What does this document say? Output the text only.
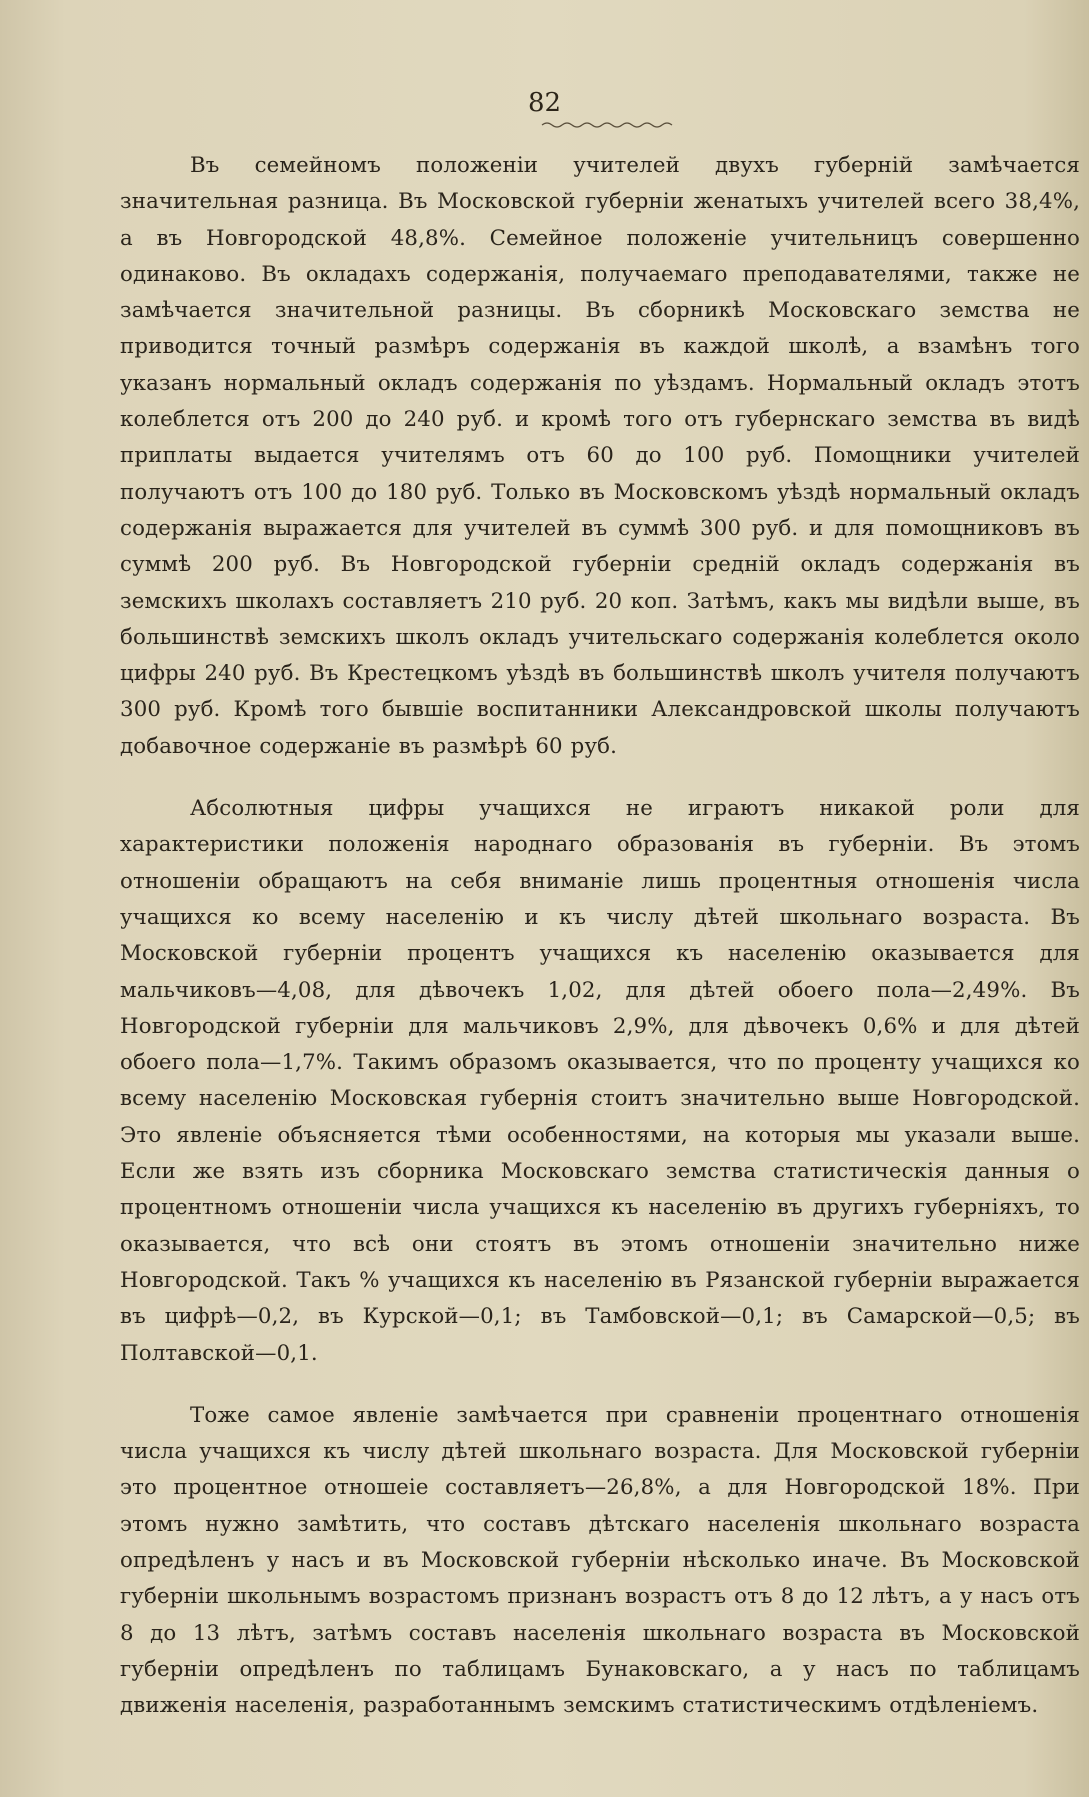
82

Въ семейномъ положеніи учителей двухъ губерній замѣчается значительная разница. Въ Московской губерніи женатыхъ учителей всего 38,4%, а въ Новгородской 48,8%. Семейное положеніе учительницъ совершенно одинаково. Въ окладахъ содержанія, получаемаго преподавателями, также не замѣчается значительной разницы. Въ сборникѣ Московскаго земства не приводится точный размѣръ содержанія въ каждой школѣ, а взамѣнъ того указанъ нормальный окладъ содержанія по уѣздамъ. Нормальный окладъ этотъ колеблется отъ 200 до 240 руб. и кромѣ того отъ губернскаго земства въ видѣ приплаты выдается учителямъ отъ 60 до 100 руб. Помощники учителей получаютъ отъ 100 до 180 руб. Только въ Московскомъ уѣздѣ нормальный окладъ содержанія выражается для учителей въ суммѣ 300 руб. и для помощниковъ въ суммѣ 200 руб. Въ Новгородской губерніи средній окладъ содержанія въ земскихъ школахъ составляетъ 210 руб. 20 коп. Затѣмъ, какъ мы видѣли выше, въ большинствѣ земскихъ школъ окладъ учительскаго содержанія колеблется около цифры 240 руб. Въ Крестецкомъ уѣздѣ въ большинствѣ школъ учителя получаютъ 300 руб. Кромѣ того бывшіе воспитанники Александровской школы получаютъ добавочное содержаніе въ размѣрѣ 60 руб.

Абсолютныя цифры учащихся не играютъ никакой роли для характеристики положенія народнаго образованія въ губерніи. Въ этомъ отношеніи обращаютъ на себя вниманіе лишь процентныя отношенія числа учащихся ко всему населенію и къ числу дѣтей школьнаго возраста. Въ Московской губерніи процентъ учащихся къ населенію оказывается для мальчиковъ—4,08, для дѣвочекъ 1,02, для дѣтей обоего пола—2,49%. Въ Новгородской губерніи для мальчиковъ 2,9%, для дѣвочекъ 0,6% и для дѣтей обоего пола—1,7%. Такимъ образомъ оказывается, что по проценту учащихся ко всему населенію Московская губернія стоитъ значительно выше Новгородской. Это явленіе объясняется тѣми особенностями, на которыя мы указали выше. Если же взять изъ сборника Московскаго земства статистическія данныя о процентномъ отношеніи числа учащихся къ населенію въ другихъ губерніяхъ, то оказывается, что всѣ они стоятъ въ этомъ отношеніи значительно ниже Новгородской. Такъ % учащихся къ населенію въ Рязанской губерніи выражается въ цифрѣ—0,2, въ Курской—0,1; въ Тамбовской—0,1; въ Самарской—0,5; въ Полтавской—0,1.

Тоже самое явленіе замѣчается при сравненіи процентнаго отношенія числа учащихся къ числу дѣтей школьнаго возраста. Для Московской губерніи это процентное отношеіе составляетъ—26,8%, а для Новгородской 18%. При этомъ нужно замѣтить, что составъ дѣтскаго населенія школьнаго возраста опредѣленъ у насъ и въ Московской губерніи нѣсколько иначе. Въ Московской губерніи школьнымъ возрастомъ признанъ возрастъ отъ 8 до 12 лѣтъ, а у насъ отъ 8 до 13 лѣтъ, затѣмъ составъ населенія школьнаго возраста въ Московской губерніи опредѣленъ по таблицамъ Бунаковскаго, а у насъ по таблицамъ движенія населенія, разработаннымъ земскимъ статистическимъ отдѣленіемъ.
